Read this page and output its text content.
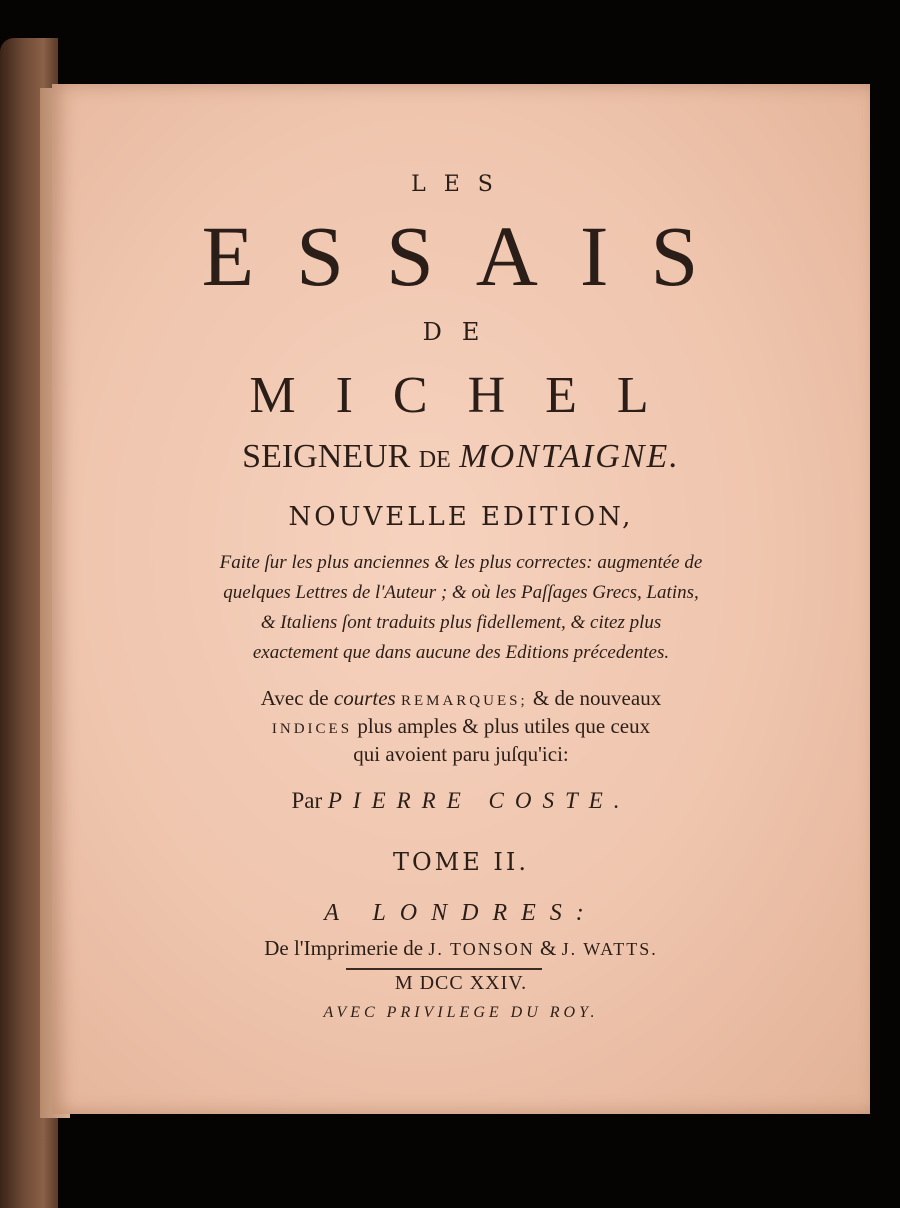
LES

ESSAIS

DE

MICHEL

SEIGNEUR DE MONTAIGNE.

NOUVELLE EDITION,

Faite ſur les plus anciennes & les plus correctes: augmentée de

quelques Lettres de l'Auteur ; & où les Paſſages Grecs, Latins,

& Italiens ſont traduits plus fidellement, & citez plus

exactement que dans aucune des Editions précedentes.

Avec de courtes REMARQUES; & de nouveaux

INDICES plus amples & plus utiles que ceux

qui avoient paru juſqu'ici:

Par PIERRE COSTE.

TOME II.

A LONDRES:

De l'Imprimerie de J. TONSON & J. WATTS.

M DCC XXIV.

AVEC PRIVILEGE DU ROY.
